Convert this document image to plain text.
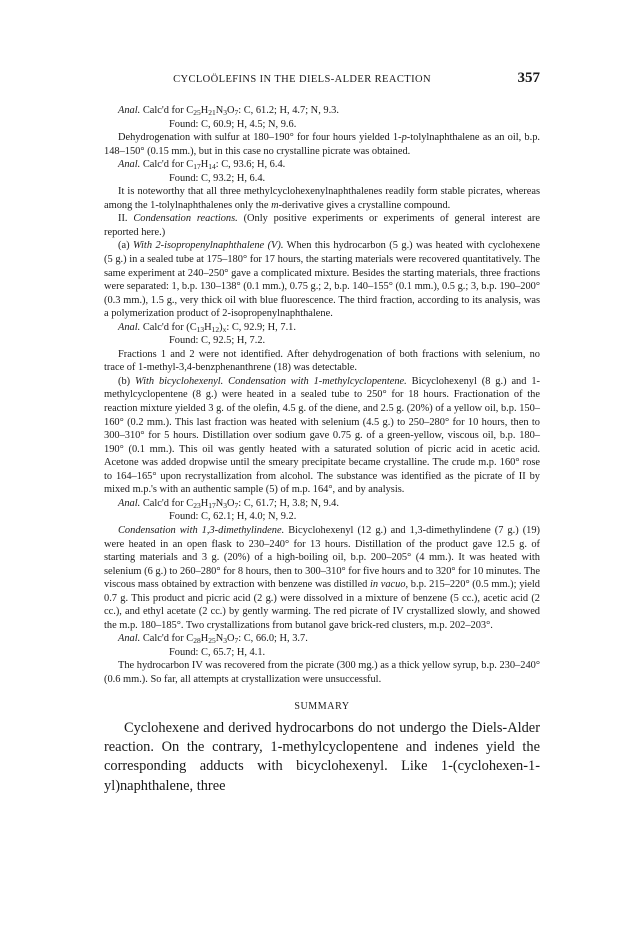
CYCLOÖLEFINS IN THE DIELS-ALDER REACTION	357

Anal. Calc'd for $C_{25}H_{21}N_3O_7$: C, 61.2; H, 4.7; N, 9.3.

Found: C, 60.9; H, 4.5; N, 9.6.

Dehydrogenation with sulfur at 180–190° for four hours yielded 1-p-tolylnaphthalene as an oil, b.p. 148–150° (0.15 mm.), but in this case no crystalline picrate was obtained.

Anal. Calc'd for $C_{17}H_{14}$: C, 93.6; H, 6.4.

Found: C, 93.2; H, 6.4.

It is noteworthy that all three methylcyclohexenylnaphthalenes readily form stable picrates, whereas among the 1-tolylnaphthalenes only the m-derivative gives a crystalline compound.

II. Condensation reactions. (Only positive experiments or experiments of general interest are reported here.)

(a) With 2-isopropenylnaphthalene (V). When this hydrocarbon (5 g.) was heated with cyclohexene (5 g.) in a sealed tube at 175–180° for 17 hours, the starting materials were recovered quantitatively. The same experiment at 240–250° gave a complicated mixture. Besides the starting materials, three fractions were separated: 1, b.p. 130–138° (0.1 mm.), 0.75 g.; 2, b.p. 140–155° (0.1 mm.), 0.5 g.; 3, b.p. 190–200° (0.3 mm.), 1.5 g., very thick oil with blue fluorescence. The third fraction, according to its analysis, was a polymerization product of 2-isopropenylnaphthalene.

Anal. Calc'd for $(C_{13}H_{12})_x$: C, 92.9; H, 7.1.

Found: C, 92.5; H, 7.2.

Fractions 1 and 2 were not identified. After dehydrogenation of both fractions with selenium, no trace of 1-methyl-3,4-benzphenanthrene (18) was detectable.

(b) With bicyclohexenyl. Condensation with 1-methylcyclopentene. Bicyclohexenyl (8 g.) and 1-methylcyclopentene (8 g.) were heated in a sealed tube to 250° for 18 hours. Fractionation of the reaction mixture yielded 3 g. of the olefin, 4.5 g. of the diene, and 2.5 g. (20%) of a yellow oil, b.p. 150–160° (0.2 mm.). This last fraction was heated with selenium (4.5 g.) to 250–280° for 10 hours, then to 300–310° for 5 hours. Distillation over sodium gave 0.75 g. of a green-yellow, viscous oil, b.p. 180–190° (0.1 mm.). This oil was gently heated with a saturated solution of picric acid in acetic acid. Acetone was added dropwise until the smeary precipitate became crystalline. The crude m.p. 160° rose to 164–165° upon recrystallization from alcohol. The substance was identified as the picrate of II by mixed m.p.'s with an authentic sample (5) of m.p. 164°, and by analysis.

Anal. Calc'd for $C_{23}H_{17}N_3O_7$: C, 61.7; H, 3.8; N, 9.4.

Found: C, 62.1; H, 4.0; N, 9.2.

Condensation with 1,3-dimethylindene. Bicyclohexenyl (12 g.) and 1,3-dimethylindene (7 g.) (19) were heated in an open flask to 230–240° for 13 hours. Distillation of the product gave 12.5 g. of starting materials and 3 g. (20%) of a high-boiling oil, b.p. 200–205° (4 mm.). It was heated with selenium (6 g.) to 260–280° for 8 hours, then to 300–310° for five hours and to 320° for 10 minutes. The viscous mass obtained by extraction with benzene was distilled in vacuo, b.p. 215–220° (0.5 mm.); yield 0.7 g. This product and picric acid (2 g.) were dissolved in a mixture of benzene (5 cc.), acetic acid (2 cc.), and ethyl acetate (2 cc.) by gently warming. The red picrate of IV crystallized slowly, and showed the m.p. 180–185°. Two crystallizations from butanol gave brick-red clusters, m.p. 202–203°.

Anal. Calc'd for $C_{28}H_{25}N_3O_7$: C, 66.0; H, 3.7.

Found: C, 65.7; H, 4.1.

The hydrocarbon IV was recovered from the picrate (300 mg.) as a thick yellow syrup, b.p. 230–240° (0.6 mm.). So far, all attempts at crystallization were unsuccessful.

SUMMARY

Cyclohexene and derived hydrocarbons do not undergo the Diels-Alder reaction. On the contrary, 1-methylcyclopentene and indenes yield the corresponding adducts with bicyclohexenyl. Like 1-(cyclohexen-1-yl)naphthalene, three
